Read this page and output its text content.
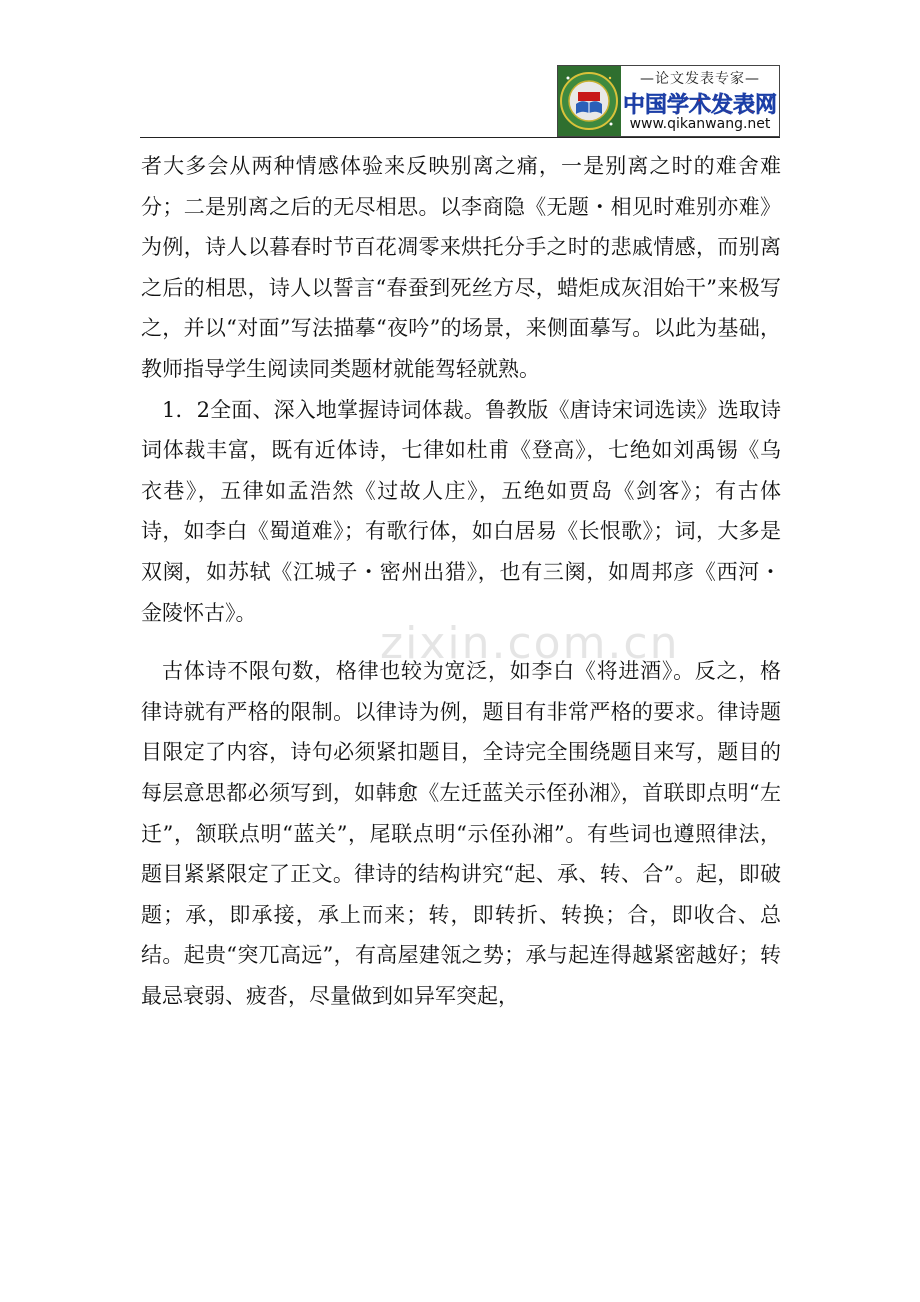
—论文发表专家—
中国学术发表网
www.qikanwang.net
zixin.com.cn

者大多会从两种情感体验来反映别离之痛，一是别离之时的难舍难分；二是别离之后的无尽相思。以李商隐《无题・相见时难别亦难》为例，诗人以暮春时节百花凋零来烘托分手之时的悲戚情感，而别离之后的相思，诗人以誓言“春蚕到死丝方尽，蜡炬成灰泪始干”来极写之，并以“对面”写法描摹“夜吟”的场景，来侧面摹写。以此为基础，教师指导学生阅读同类题材就能驾轻就熟。

1．2全面、深入地掌握诗词体裁。鲁教版《唐诗宋词选读》选取诗词体裁丰富，既有近体诗，七律如杜甫《登高》，七绝如刘禹锡《乌衣巷》，五律如孟浩然《过故人庄》，五绝如贾岛《剑客》；有古体诗，如李白《蜀道难》；有歌行体，如白居易《长恨歌》；词，大多是双阕，如苏轼《江城子・密州出猎》，也有三阕，如周邦彦《西河・金陵怀古》。

古体诗不限句数，格律也较为宽泛，如李白《将进酒》。反之，格律诗就有严格的限制。以律诗为例，题目有非常严格的要求。律诗题目限定了内容，诗句必须紧扣题目，全诗完全围绕题目来写，题目的每层意思都必须写到，如韩愈《左迁蓝关示侄孙湘》，首联即点明“左迁”，颔联点明“蓝关”，尾联点明“示侄孙湘”。有些词也遵照律法，题目紧紧限定了正文。律诗的结构讲究“起、承、转、合”。起，即破题；承，即承接，承上而来；转，即转折、转换；合，即收合、总结。起贵“突兀高远”，有高屋建瓴之势；承与起连得越紧密越好；转最忌衰弱、疲沓，尽量做到如异军突起，
